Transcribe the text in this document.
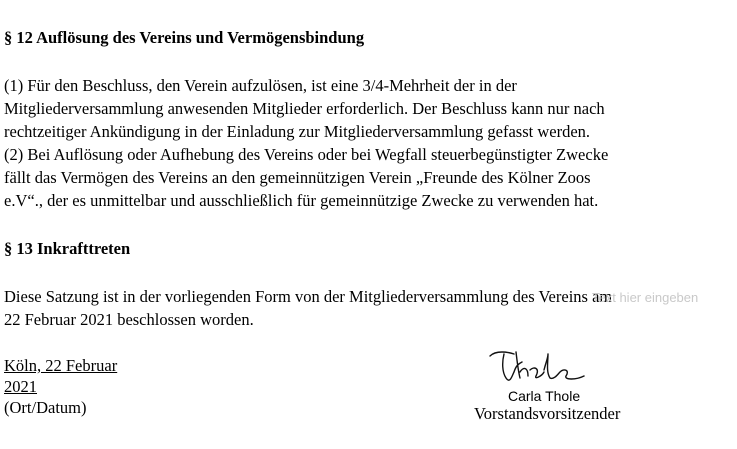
§ 12 Auflösung des Vereins und Vermögensbindung
(1) Für den Beschluss, den Verein aufzulösen, ist eine 3/4-Mehrheit der in der
Mitgliederversammlung anwesenden Mitglieder erforderlich. Der Beschluss kann nur nach
rechtzeitiger Ankündigung in der Einladung zur Mitgliederversammlung gefasst werden.
(2) Bei Auflösung oder Aufhebung des Vereins oder bei Wegfall steuerbegünstigter Zwecke
fällt das Vermögen des Vereins an den gemeinnützigen Verein „Freunde des Kölner Zoos
e.V“., der es unmittelbar und ausschließlich für gemeinnützige Zwecke zu verwenden hat.
§ 13 Inkrafttreten
Diese Satzung ist in der vorliegenden Form von der Mitgliederversammlung des Vereins am
22 Februar 2021 beschlossen worden.
Köln, 22 Februar
2021
(Ort/Datum)
Text hier eingeben
Carla Thole
Vorstandsvorsitzender
